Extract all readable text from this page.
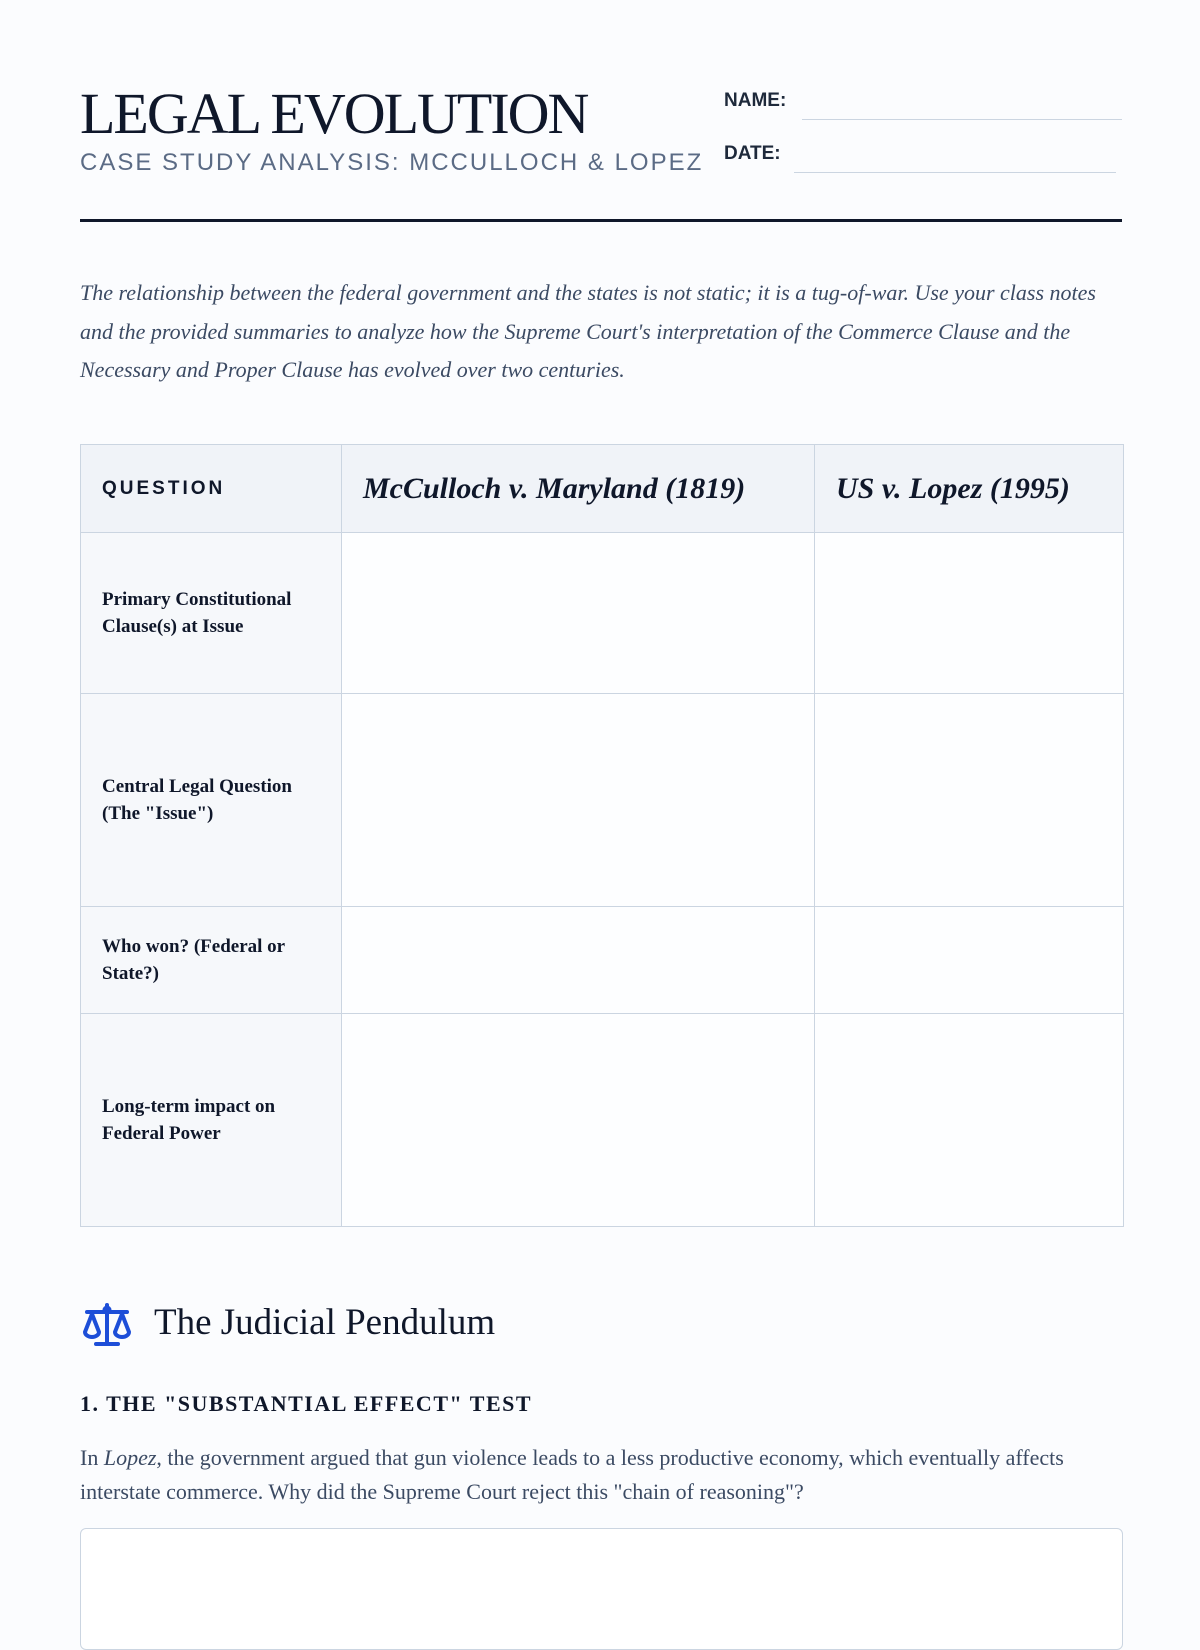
LEGAL EVOLUTION
CASE STUDY ANALYSIS: MCCULLOCH & LOPEZ
NAME:
DATE:

The relationship between the federal government and the states is not static; it is a tug-of-war. Use your class notes and the provided summaries to analyze how the Supreme Court's interpretation of the Commerce Clause and the Necessary and Proper Clause has evolved over two centuries.

QUESTION	McCulloch v. Maryland (1819)	US v. Lopez (1995)
Primary Constitutional Clause(s) at Issue		
Central Legal Question (The "Issue")		
Who won? (Federal or State?)		
Long-term impact on Federal Power		
The Judicial Pendulum
1. THE "SUBSTANTIAL EFFECT" TEST

In Lopez, the government argued that gun violence leads to a less productive economy, which eventually affects interstate commerce. Why did the Supreme Court reject this "chain of reasoning"?
